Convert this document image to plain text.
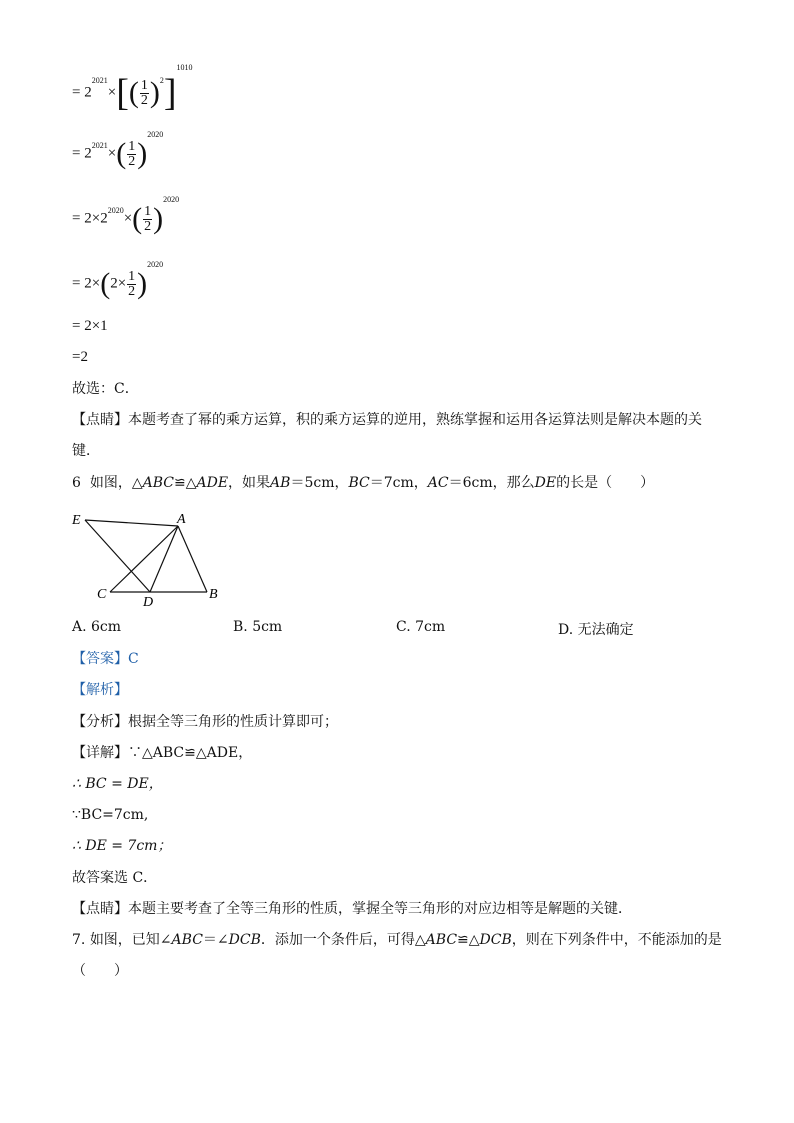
= $2^{2021}\times[( \frac{1}{2} )^2]^{1010}$
= $2^{2021}\times( \frac{1}{2} )^{2020}$
= $2\times 2^{2020}\times( \frac{1}{2} )^{2020}$
= $2\times(2\times \frac{1}{2} )^{2020}$
= 2×1
=2
故选：C．
【点睛】本题考查了幂的乘方运算，积的乘方运算的逆用，熟练掌握和运用各运算法则是解决本题的关
键．
6 如图，△ABC≌△ADE，如果AB＝5cm，BC＝7cm，AC＝6cm，那么DE的长是（　　）
E	A
C
D
B
A. 6cm	B. 5cm	C. 7cm	D. 无法确定
【答案】C
【解析】
【分析】根据全等三角形的性质计算即可；
【详解】∵△ABC≌△ADE，
∴ BC = DE，
∵BC=7cm,
∴ DE = 7cm；
故答案选 C．
【点睛】本题主要考查了全等三角形的性质，掌握全等三角形的对应边相等是解题的关键．
7. 如图，已知∠ABC＝∠DCB．添加一个条件后，可得△ABC≌△DCB，则在下列条件中，不能添加的是
（　　）
